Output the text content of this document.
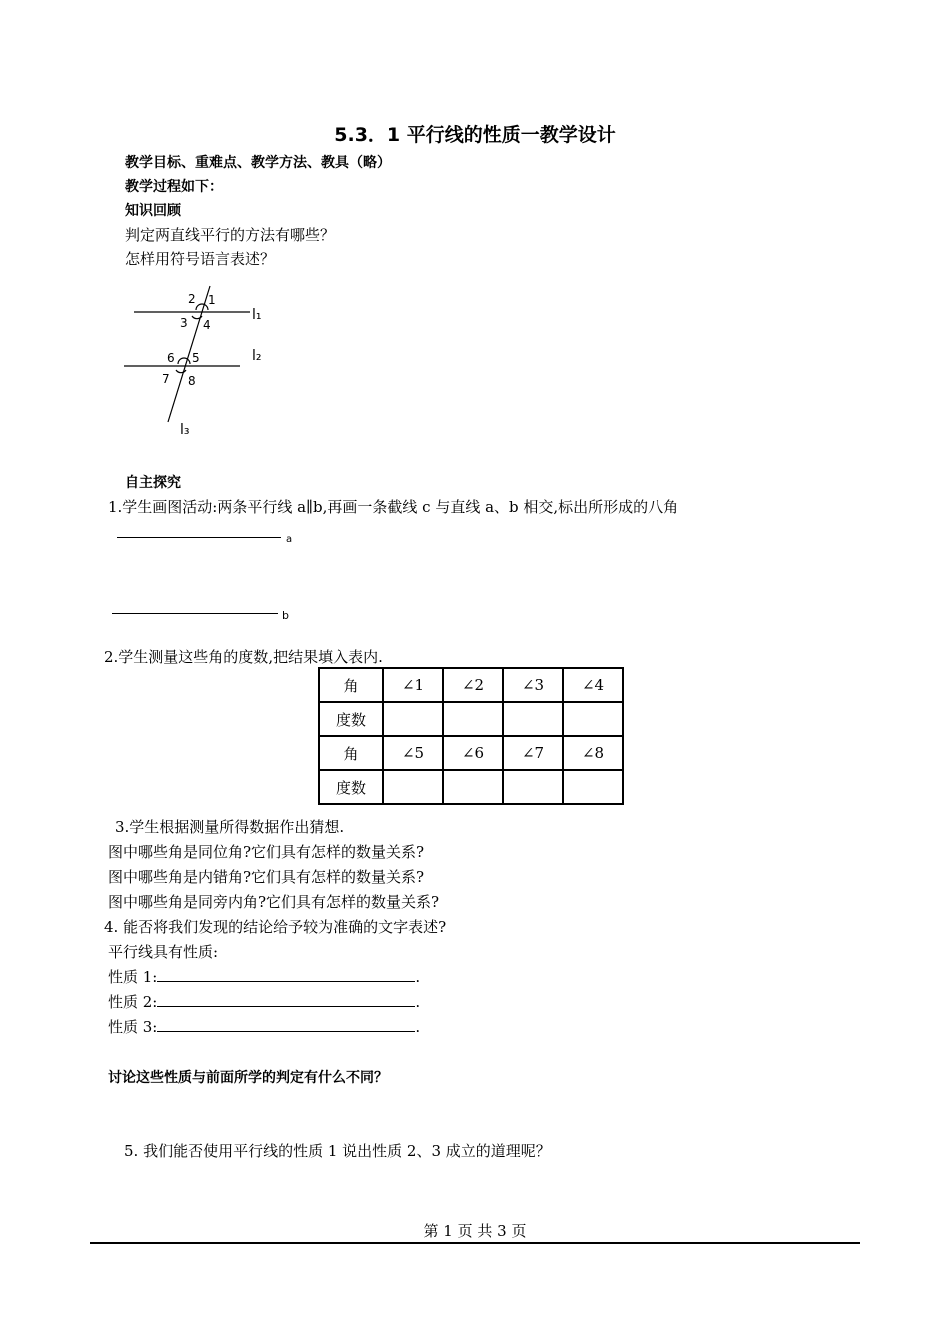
5.3．1 平行线的性质一教学设计
教学目标、重难点、教学方法、教具（略）
教学过程如下：
知识回顾
判定两直线平行的方法有哪些？
怎样用符号语言表述？
2 1
3 4
6 5
7 8
l₁
l₂
l₃
自主探究
1.学生画图活动:两条平行线 a∥b,再画一条截线 c 与直线 a、b 相交,标出所形成的八角
a
b
2.学生测量这些角的度数,把结果填入表内.
角	∠1	∠2	∠3	∠4
度数				
角	∠5	∠6	∠7	∠8
度数				
3.学生根据测量所得数据作出猜想.
图中哪些角是同位角?它们具有怎样的数量关系?
图中哪些角是内错角?它们具有怎样的数量关系?
图中哪些角是同旁内角?它们具有怎样的数量关系?
4. 能否将我们发现的结论给予较为准确的文字表述?
平行线具有性质:
性质 1:	.
性质 2:	.
性质 3:	.
讨论这些性质与前面所学的判定有什么不同？
5. 我们能否使用平行线的性质 1 说出性质 2、3 成立的道理呢？
第 1 页 共 3 页
